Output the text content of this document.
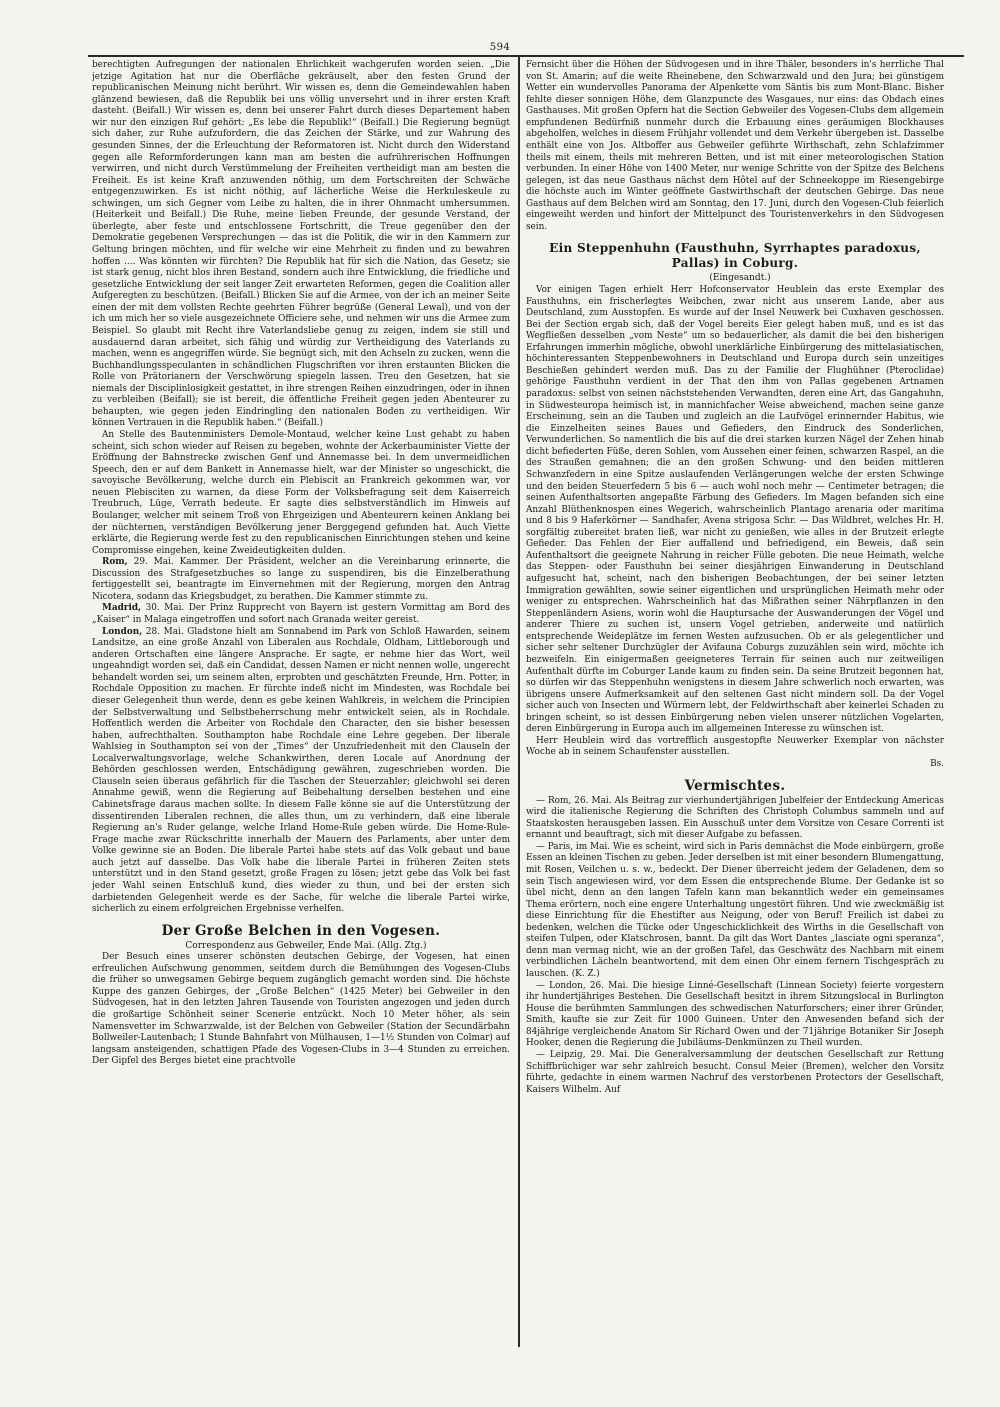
594

berechtigten Aufregungen der nationalen Ehrlichkeit wachgerufen worden seien. „Die jetzige Agitation hat nur die Oberfläche gekräuselt, aber den festen Grund der republicanischen Meinung nicht berührt. Wir wissen es, denn die Gemeindewahlen haben glänzend bewiesen, daß die Republik bei uns völlig unversehrt und in ihrer ersten Kraft dasteht. (Beifall.) Wir wissen es, denn bei unserer Fahrt durch dieses Departement haben wir nur den einzigen Ruf gehört: „Es lebe die Republik!“ (Beifall.) Die Regierung begnügt sich daher, zur Ruhe aufzufordern, die das Zeichen der Stärke, und zur Wahrung des gesunden Sinnes, der die Erleuchtung der Reformatoren ist. Nicht durch den Widerstand gegen alle Reformforderungen kann man am besten die aufrührerischen Hoffnungen verwirren, und nicht durch Verstümmelung der Freiheiten vertheidigt man am besten die Freiheit. Es ist keine Kraft anzuwenden nöthig, um dem Fortschreiten der Schwäche entgegenzuwirken. Es ist nicht nöthig, auf lächerliche Weise die Herkuleskeule zu schwingen, um sich Gegner vom Leibe zu halten, die in ihrer Ohnmacht umhersummen. (Heiterkeit und Beifall.) Die Ruhe, meine lieben Freunde, der gesunde Verstand, der überlegte, aber feste und entschlossene Fortschritt, die Treue gegenüber den der Demokratie gegebenen Versprechungen — das ist die Politik, die wir in den Kammern zur Geltung bringen möchten, und für welche wir eine Mehrheit zu finden und zu bewahren hoffen .... Was könnten wir fürchten? Die Republik hat für sich die Nation, das Gesetz; sie ist stark genug, nicht blos ihren Bestand, sondern auch ihre Entwicklung, die friedliche und gesetzliche Entwicklung der seit langer Zeit erwarteten Reformen, gegen die Coalition aller Aufgeregten zu beschützen. (Beifall.) Blicken Sie auf die Armee, von der ich an meiner Seite einen der mit dem vollsten Rechte geehrten Führer begrüße (General Lewal), und von der ich um mich her so viele ausgezeichnete Officiere sehe, und nehmen wir uns die Armee zum Beispiel. So glaubt mit Recht ihre Vaterlandsliebe genug zu zeigen, indem sie still und ausdauernd daran arbeitet, sich fähig und würdig zur Vertheidigung des Vaterlands zu machen, wenn es angegriffen würde. Sie begnügt sich, mit den Achseln zu zucken, wenn die Buchhandlungsspeculanten in schändlichen Flugschriften vor ihren erstaunten Blicken die Rolle von Prätorianern der Verschwörung spiegeln lassen. Treu den Gesetzen, hat sie niemals der Disciplinlosigkeit gestattet, in ihre strengen Reihen einzudringen, oder in ihnen zu verbleiben (Beifall); sie ist bereit, die öffentliche Freiheit gegen jeden Abenteurer zu behaupten, wie gegen jeden Eindringling den nationalen Boden zu vertheidigen. Wir können Vertrauen in die Republik haben.“ (Beifall.)

An Stelle des Bautenministers Demole-Montaud, welcher keine Lust gehabt zu haben scheint, sich schon wieder auf Reisen zu begeben, wohnte der Ackerbauminister Viette der Eröffnung der Bahnstrecke zwischen Genf und Annemasse bei. In dem unvermeidlichen Speech, den er auf dem Bankett in Annemasse hielt, war der Minister so ungeschickt, die savoyische Bevölkerung, welche durch ein Plebiscit an Frankreich gekommen war, vor neuen Plebisciten zu warnen, da diese Form der Volksbefragung seit dem Kaiserreich Treubruch, Lüge, Verrath bedeute. Er sagte dies selbstverständlich im Hinweis auf Boulanger, welcher mit seinem Troß von Ehrgeizigen und Abenteurern keinen Anklang bei der nüchternen, verständigen Bevölkerung jener Berggegend gefunden hat. Auch Viette erklärte, die Regierung werde fest zu den republicanischen Einrichtungen stehen und keine Compromisse eingehen, keine Zweideutigkeiten dulden.

Rom, 29. Mai. Kammer. Der Präsident, welcher an die Vereinbarung erinnerte, die Discussion des Strafgesetzbuches so lange zu suspendiren, bis die Einzelberathung fertiggestellt sei, beantragte im Einvernehmen mit der Regierung, morgen den Antrag Nicotera, sodann das Kriegsbudget, zu berathen. Die Kammer stimmte zu.

Madrid, 30. Mai. Der Prinz Rupprecht von Bayern ist gestern Vormittag am Bord des „Kaiser“ in Malaga eingetroffen und sofort nach Granada weiter gereist.

London, 28. Mai. Gladstone hielt am Sonnabend im Park von Schloß Hawarden, seinem Landsitze, an eine große Anzahl von Liberalen aus Rochdale, Oldham, Littleborough und anderen Ortschaften eine längere Ansprache. Er sagte, er nehme hier das Wort, weil ungeahndigt worden sei, daß ein Candidat, dessen Namen er nicht nennen wolle, ungerecht behandelt worden sei, um seinem alten, erprobten und geschätzten Freunde, Hrn. Potter, in Rochdale Opposition zu machen. Er fürchte indeß nicht im Mindesten, was Rochdale bei dieser Gelegenheit thun werde, denn es gebe keinen Wahlkreis, in welchem die Principien der Selbstverwaltung und Selbstbeherrschung mehr entwickelt seien, als in Rochdale. Hoffentlich werden die Arbeiter von Rochdale den Character, den sie bisher besessen haben, aufrechthalten. Southampton habe Rochdale eine Lehre gegeben. Der liberale Wahlsieg in Southampton sei von der „Times“ der Unzufriedenheit mit den Clauseln der Localverwaltungsvorlage, welche Schankwirthen, deren Locale auf Anordnung der Behörden geschlossen werden, Entschädigung gewähren, zugeschrieben worden. Die Clauseln seien überaus gefährlich für die Taschen der Steuerzahler; gleichwohl sei deren Annahme gewiß, wenn die Regierung auf Beibehaltung derselben bestehen und eine Cabinetsfrage daraus machen sollte. In diesem Falle könne sie auf die Unterstützung der dissentirenden Liberalen rechnen, die alles thun, um zu verhindern, daß eine liberale Regierung an's Ruder gelange, welche Irland Home-Rule geben würde. Die Home-Rule-Frage mache zwar Rückschritte innerhalb der Mauern des Parlaments, aber unter dem Volke gewinne sie an Boden. Die liberale Partei habe stets auf das Volk gebaut und baue auch jetzt auf dasselbe. Das Volk habe die liberale Partei in früheren Zeiten stets unterstützt und in den Stand gesetzt, große Fragen zu lösen; jetzt gebe das Volk bei fast jeder Wahl seinen Entschluß kund, dies wieder zu thun, und bei der ersten sich darbietenden Gelegenheit werde es der Sache, für welche die liberale Partei wirke, sicherlich zu einem erfolgreichen Ergebnisse verhelfen.

Der Große Belchen in den Vogesen.

Correspondenz aus Gebweiler, Ende Mai. (Allg. Ztg.)

Der Besuch eines unserer schönsten deutschen Gebirge, der Vogesen, hat einen erfreulichen Aufschwung genommen, seitdem durch die Bemühungen des Vogesen-Clubs die früher so unwegsamen Gebirge bequem zugänglich gemacht worden sind. Die höchste Kuppe des ganzen Gebirges, der „Große Belchen“ (1425 Meter) bei Gebweiler in den Südvogesen, hat in den letzten Jahren Tausende von Touristen angezogen und jeden durch die großartige Schönheit seiner Scenerie entzückt. Noch 10 Meter höher, als sein Namensvetter im Schwarzwalde, ist der Belchen von Gebweiler (Station der Secundärbahn Bollweiler-Lautenbach; 1 Stunde Bahnfahrt von Mülhausen, 1—1½ Stunden von Colmar) auf langsam ansteigenden, schattigen Pfade des Vogesen-Clubs in 3—4 Stunden zu erreichen. Der Gipfel des Berges bietet eine prachtvolle

Fernsicht über die Höhen der Südvogesen und in ihre Thäler, besonders in's herrliche Thal von St. Amarin; auf die weite Rheinebene, den Schwarzwald und den Jura; bei günstigem Wetter ein wundervolles Panorama der Alpenkette vom Säntis bis zum Mont-Blanc. Bisher fehlte dieser sonnigen Höhe, dem Glanzpuncte des Wasgaues, nur eins: das Obdach eines Gasthauses. Mit großen Opfern hat die Section Gebweiler des Vogesen-Clubs dem allgemein empfundenen Bedürfniß nunmehr durch die Erbauung eines geräumigen Blockhauses abgeholfen, welches in diesem Frühjahr vollendet und dem Verkehr übergeben ist. Dasselbe enthält eine von Jos. Altboffer aus Gebweiler geführte Wirthschaft, zehn Schlafzimmer theils mit einem, theils mit mehreren Betten, und ist mit einer meteorologischen Station verbunden. In einer Höhe von 1400 Meter, nur wenige Schritte von der Spitze des Belchens gelegen, ist das neue Gasthaus nächst dem Hôtel auf der Schneekoppe im Riesengebirge die höchste auch im Winter geöffnete Gastwirthschaft der deutschen Gebirge. Das neue Gasthaus auf dem Belchen wird am Sonntag, den 17. Juni, durch den Vogesen-Club feierlich eingeweiht werden und hinfort der Mittelpunct des Touristenverkehrs in den Südvogesen sein.

Ein Steppenhuhn (Fausthuhn, Syrrhaptes paradoxus, Pallas) in Coburg.

(Eingesandt.)

Vor einigen Tagen erhielt Herr Hofconservator Heublein das erste Exemplar des Fausthuhns, ein frischerlegtes Weibchen, zwar nicht aus unserem Lande, aber aus Deutschland, zum Ausstopfen. Es wurde auf der Insel Neuwerk bei Cuxhaven geschossen. Bei der Section ergab sich, daß der Vogel bereits Eier gelegt haben muß, und es ist das Wegfließen desselben „vom Neste“ um so bedauerlicher, als damit die bei den bisherigen Erfahrungen immerhin mögliche, obwohl unerklärliche Einbürgerung des mittelasiatischen, höchinteressanten Steppenbewohners in Deutschland und Europa durch sein unzeitiges Beschießen gehindert werden muß. Das zu der Familie der Flughühner (Pteroclidae) gehörige Fausthuhn verdient in der That den ihm von Pallas gegebenen Artnamen paradoxus: selbst von seinen nächststehenden Verwandten, deren eine Art, das Gangahuhn, in Südwesteuropa heimisch ist, in mannichfacher Weise abweichend, machen seine ganze Erscheinung, sein an die Tauben und zugleich an die Laufvögel erinnernder Habitus, wie die Einzelheiten seines Baues und Gefieders, den Eindruck des Sonderlichen, Verwunderlichen. So namentlich die bis auf die drei starken kurzen Nägel der Zehen hinab dicht befiederten Füße, deren Sohlen, vom Aussehen einer feinen, schwarzen Raspel, an die des Straußen gemahnen; die an den großen Schwung- und den beiden mittleren Schwanzfedern in eine Spitze auslaufenden Verlängerungen welche der ersten Schwinge und den beiden Steuerfedern 5 bis 6 — auch wohl noch mehr — Centimeter betragen; die seinen Aufenthaltsorten angepaßte Färbung des Gefieders. Im Magen befanden sich eine Anzahl Blüthenknospen eines Wegerich, wahrscheinlich Plantago arenaria oder maritima und 8 bis 9 Haferkörner — Sandhafer, Avena strigosa Schr. — Das Wildbret, welches Hr. H. sorgfältig zubereitet braten ließ, war nicht zu genießen, wie alles in der Brutzeit erlegte Gefieder. Das Fehlen der Eier auffallend und befriedigend, ein Beweis, daß sein Aufenthaltsort die geeignete Nahrung in reicher Fülle geboten. Die neue Heimath, welche das Steppen- oder Fausthuhn bei seiner diesjährigen Einwanderung in Deutschland aufgesucht hat, scheint, nach den bisherigen Beobachtungen, der bei seiner letzten Immigration gewählten, sowie seiner eigentlichen und ursprünglichen Heimath mehr oder weniger zu entsprechen. Wahrscheinlich hat das Mißrathen seiner Nährpflanzen in den Steppenländern Asiens, worin wohl die Hauptursache der Auswanderungen der Vögel und anderer Thiere zu suchen ist, unsern Vogel getrieben, anderweite und natürlich entsprechende Weideplätze im fernen Westen aufzusuchen. Ob er als gelegentlicher und sicher sehr seltener Durchzügler der Avifauna Coburgs zuzuzählen sein wird, möchte ich bezweifeln. Ein einigermaßen geeigneteres Terrain für seinen auch nur zeitweiligen Aufenthalt dürfte im Coburger Lande kaum zu finden sein. Da seine Brutzeit begonnen hat, so dürfen wir das Steppenhuhn wenigstens in diesem Jahre schwerlich noch erwarten, was übrigens unsere Aufmerksamkeit auf den seltenen Gast nicht mindern soll. Da der Vogel sicher auch von Insecten und Würmern lebt, der Feldwirthschaft aber keinerlei Schaden zu bringen scheint, so ist dessen Einbürgerung neben vielen unserer nützlichen Vogelarten, deren Einbürgerung in Europa auch im allgemeinen Interesse zu wünschen ist.

Herr Heublein wird das vortrefflich ausgestopfte Neuwerker Exemplar von nächster Woche ab in seinem Schaufenster ausstellen.

Bs.
Vermischtes.

— Rom, 26. Mai. Als Beitrag zur vierhundertjährigen Jubelfeier der Entdeckung Americas wird die italienische Regierung die Schriften des Christoph Columbus sammeln und auf Staatskosten herausgeben lassen. Ein Ausschuß unter dem Vorsitze von Cesare Correnti ist ernannt und beauftragt, sich mit dieser Aufgabe zu befassen.

— Paris, im Mai. Wie es scheint, wird sich in Paris demnächst die Mode einbürgern, große Essen an kleinen Tischen zu geben. Jeder derselben ist mit einer besondern Blumengattung, mit Rosen, Veilchen u. s. w., bedeckt. Der Diener überreicht jedem der Geladenen, dem so sein Tisch angewiesen wird, vor dem Essen die entsprechende Blume. Der Gedanke ist so übel nicht, denn an den langen Tafeln kann man bekanntlich weder ein gemeinsames Thema erörtern, noch eine engere Unterhaltung ungestört führen. Und wie zweckmäßig ist diese Einrichtung für die Ehestifter aus Neigung, oder von Beruf! Freilich ist dabei zu bedenken, welchen die Tücke oder Ungeschicklichkeit des Wirths in die Gesellschaft von steifen Tulpen, oder Klatschrosen, bannt. Da gilt das Wort Dantes „lasciate ogni speranza“, denn man vermag nicht, wie an der großen Tafel, das Geschwätz des Nachbarn mit einem verbindlichen Lächeln beantwortend, mit dem einen Ohr einem fernern Tischgespräch zu lauschen. (K. Z.)

— London, 26. Mai. Die hiesige Linné-Gesellschaft (Linnean Society) feierte vorgestern ihr hundertjähriges Bestehen. Die Gesellschaft besitzt in ihrem Sitzungslocal in Burlington House die berühmten Sammlungen des schwedischen Naturforschers; einer ihrer Gründer, Smith, kaufte sie zur Zeit für 1000 Guineen. Unter den Anwesenden befand sich der 84jährige vergleichende Anatom Sir Richard Owen und der 71jährige Botaniker Sir Joseph Hooker, denen die Regierung die Jubiläums-Denkmünzen zu Theil wurden.

— Leipzig, 29. Mai. Die Generalversammlung der deutschen Gesellschaft zur Rettung Schiffbrüchiger war sehr zahlreich besucht. Consul Meier (Bremen), welcher den Vorsitz führte, gedachte in einem warmen Nachruf des verstorbenen Protectors der Gesellschaft, Kaisers Wilhelm. Auf
